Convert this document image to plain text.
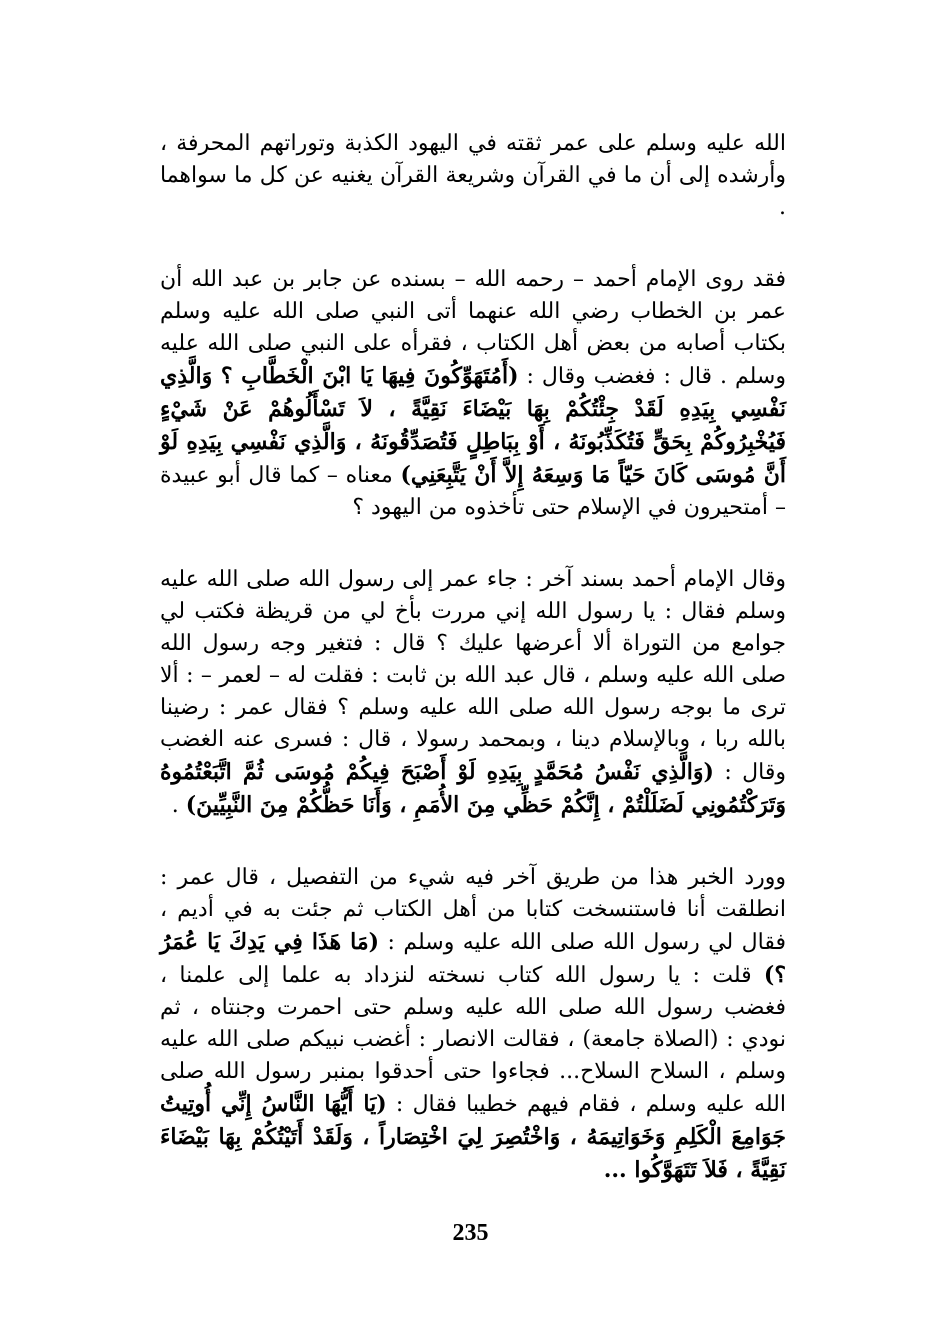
الله عليه وسلم على عمر ثقته في اليهود الكذبة وتوراتهم المحرفة ، وأرشده إلى أن ما في القرآن وشريعة القرآن يغنيه عن كل ما سواهما .

فقد روى الإمام أحمد – رحمه الله – بسنده عن جابر بن عبد الله أن عمر بن الخطاب رضي الله عنهما أتى النبي صلى الله عليه وسلم بكتاب أصابه من بعض أهل الكتاب ، فقرأه على النبي صلى الله عليه وسلم . قال : فغضب وقال : (أَمُتَهَوِّكُونَ فِيهَا يَا ابْنَ الْخَطَّابِ ؟ وَالَّذِي نَفْسِي بِيَدِهِ لَقَدْ جِئْتُكُمْ بِهَا بَيْضَاءَ نَقِيَّةً ، لاَ تَسْأَلُوهُمْ عَنْ شَيْءٍ فَيُخْبِرُوكُمْ بِحَقٍّ فَتُكَذِّبُونَهُ ، أَوْ بِبَاطِلٍ فَتُصَدِّقُونَهُ ، وَالَّذِي نَفْسِي بِيَدِهِ لَوْ أَنَّ مُوسَى كَانَ حَيّاً مَا وَسِعَهُ إِلاَّ أَنْ يَتَّبِعَنِي) معناه – كما قال أبو عبيدة – أمتحيرون في الإسلام حتى تأخذوه من اليهود ؟

وقال الإمام أحمد بسند آخر : جاء عمر إلى رسول الله صلى الله عليه وسلم فقال : يا رسول الله إني مررت بأخ لي من قريظة فكتب لي جوامع من التوراة ألا أعرضها عليك ؟ قال : فتغير وجه رسول الله صلى الله عليه وسلم ، قال عبد الله بن ثابت : فقلت له – لعمر – : ألا ترى ما بوجه رسول الله صلى الله عليه وسلم ؟ فقال عمر : رضينا بالله ربا ، وبالإسلام دينا ، وبمحمد رسولا ، قال : فسرى عنه الغضب وقال : (وَالَّذِي نَفْسُ مُحَمَّدٍ بِيَدِهِ لَوْ أَصْبَحَ فِيكُمْ مُوسَى ثُمَّ اتَّبَعْتُمُوهُ وَتَرَكْتُمُونِي لَضَلَلْتُمْ ، إِنَّكُمْ حَظِّي مِنَ الأُمَمِ ، وَأَنَا حَظُّكُمْ مِنَ النَّبِيِّينَ) .

وورد الخبر هذا من طريق آخر فيه شيء من التفصيل ، قال عمر : انطلقت أنا فاستنسخت كتابا من أهل الكتاب ثم جئت به في أديم ، فقال لي رسول الله صلى الله عليه وسلم : (مَا هَذَا فِي يَدِكَ يَا عُمَرُ ؟) قلت : يا رسول الله كتاب نسخته لنزداد به علما إلى علمنا ، فغضب رسول الله صلى الله عليه وسلم حتى احمرت وجنتاه ، ثم نودي : (الصلاة جامعة) ، فقالت الانصار : أغضب نبيكم صلى الله عليه وسلم ، السلاح السلاح... فجاءوا حتى أحدقوا بمنبر رسول الله صلى الله عليه وسلم ، فقام فيهم خطيبا فقال : (يَا أَيُّهَا النَّاسُ إِنِّي أُوتِيتُ جَوَامِعَ الْكَلِمِ وَخَوَاتِيمَهُ ، وَاخْتُصِرَ لِيَ اخْتِصَاراً ، وَلَقَدْ أَتَيْتُكُمْ بِهَا بَيْضَاءَ نَقِيَّةً ، فَلاَ تَتَهَوَّكُوا ...

235
